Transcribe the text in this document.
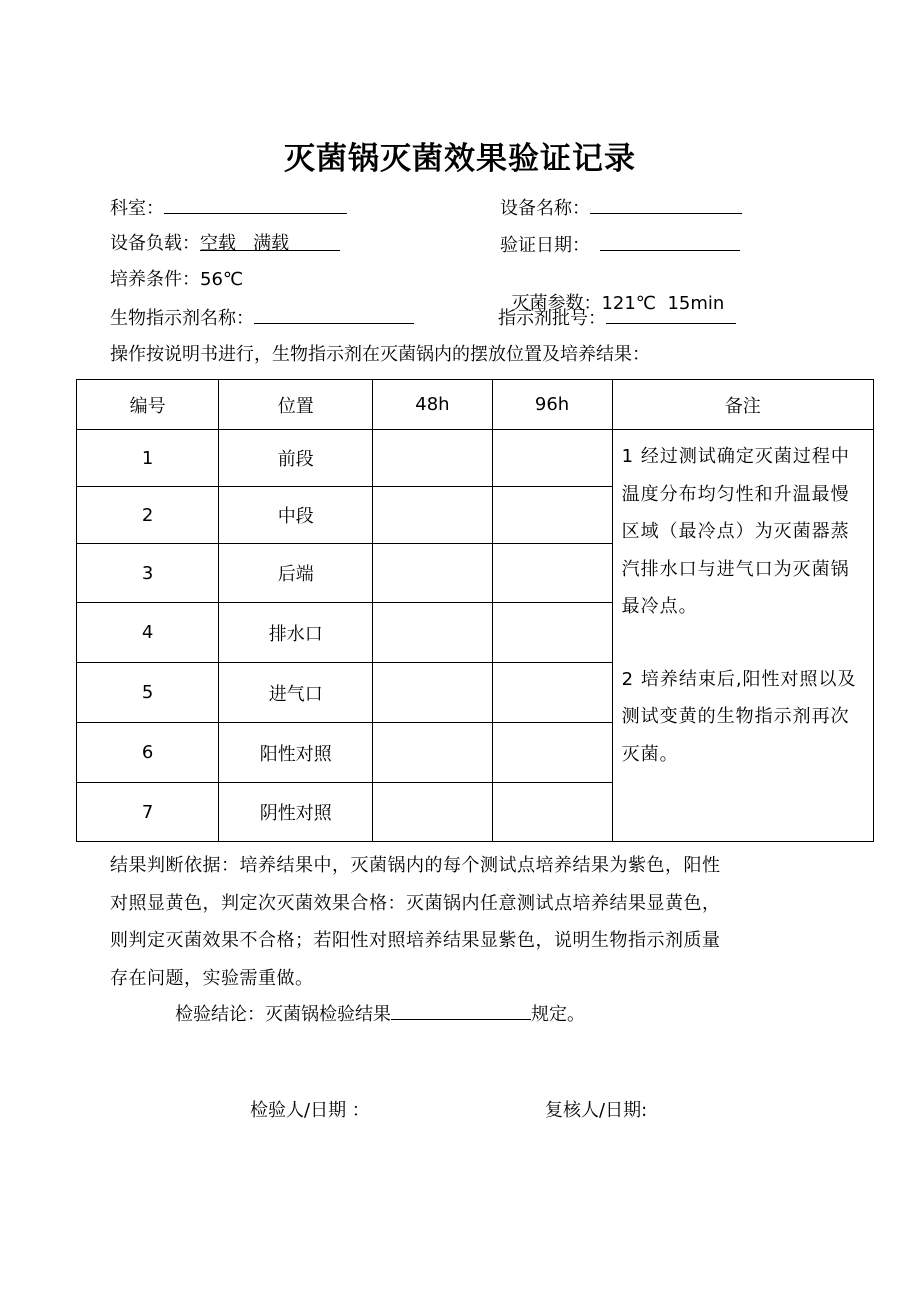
灭菌锅灭菌效果验证记录
科室：	设备名称：
设备负载：空载   满载	验证日期：
培养条件：56℃

灭菌参数：121℃  15min

生物指示剂名称：	指示剂批号：
操作按说明书进行，生物指示剂在灭菌锅内的摆放位置及培养结果：
编号	位置	48h	96h	备注
1	前段			1 经过测试确定灭菌过程中温度分布均匀性和升温最慢区域（最冷点）为灭菌器蒸汽排水口与进气口为灭菌锅最冷点。

2 培养结束后,阳性对照以及测试变黄的生物指示剂再次灭菌。

2	中段			
3	后端			
4	排水口			
5	进气口			
6	阳性对照			
7	阴性对照			

结果判断依据：培养结果中，灭菌锅内的每个测试点培养结果为紫色，阳性

对照显黄色，判定次灭菌效果合格：灭菌锅内任意测试点培养结果显黄色，

则判定灭菌效果不合格；若阳性对照培养结果显紫色，说明生物指示剂质量

存在问题，实验需重做。

检验结论：灭菌锅检验结果	规定。
检验人/日期 ：	复核人/日期:
